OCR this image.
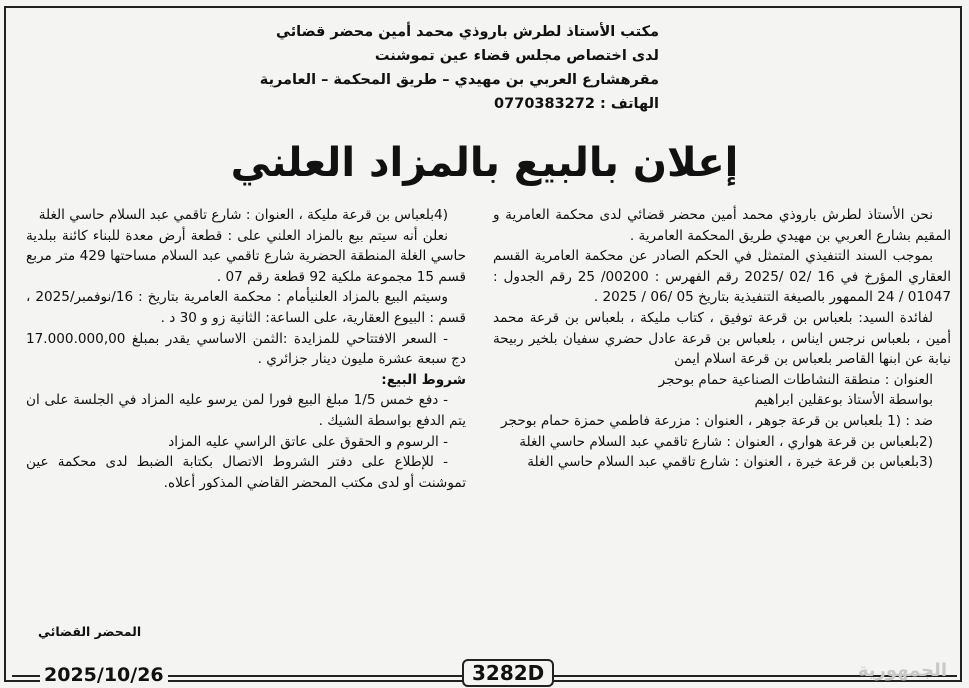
مكتب الأستاذ لطرش باروذي محمد أمين محضر قضائي
لدى اختصاص مجلس قضاء عين تموشنت
مقرهشارع العربي بن مهيدي – طريق المحكمة – العامرية
الهاتف : 0770383272
إعلان بالبيع بالمزاد العلني

نحن الأستاذ لطرش باروذي محمد أمين محضر قضائي لدى محكمة العامرية و المقيم بشارع العربي بن مهيدي طريق المحكمة العامرية .

بموجب السند التنفيذي المتمثل في الحكم الصادر عن محكمة العامرية القسم العقاري المؤرخ في 16 /02 /2025 رقم الفهرس : 00200/ 25 رقم الجدول : 01047 / 24 الممهور بالصيغة التنفيذية بتاريخ 05 /06 / 2025 .

لفائدة السيد: بلعباس بن قرعة توفيق ، كتاب مليكة ، بلعباس بن قرعة محمد أمين ، بلعباس نرجس ايناس ، بلعباس بن قرعة عادل حضري سفيان بلخير ربيحة نيابة عن ابنها القاصر بلعباس بن قرعة اسلام ايمن

العنوان : منطقة النشاطات الصناعية حمام بوحجر

بواسطة الأستاذ بوعقلين ابراهيم

ضد : (1 بلعباس بن قرعة جوهر ، العنوان : مزرعة فاطمي حمزة حمام بوحجر

(2بلعباس بن قرعة هواري ، العنوان : شارع تاقمي عبد السلام حاسي الغلة

(3بلعباس بن قرعة خيرة ، العنوان : شارع تاقمي عبد السلام حاسي الغلة

(4بلعباس بن قرعة مليكة ، العنوان : شارع تاقمي عبد السلام حاسي الغلة

نعلن أنه سيتم بيع بالمزاد العلني على : قطعة أرض معدة للبناء كائنة ببلدية حاسي الغلة المنطقة الحضرية شارع تاقمي عبد السلام مساحتها 429 متر مربع قسم 15 مجموعة ملكية 92 قطعة رقم 07 .

وسيتم البيع بالمزاد العلنيأمام : محكمة العامرية بتاريخ : 16/نوفمبر/2025 ، قسم : البيوع العقارية، على الساعة: الثانية زو و 30 د .

- السعر الافتتاحي للمزايدة :الثمن الاساسي يقدر بمبلغ 17.000.000,00 دج سبعة عشرة مليون دينار جزائري .

شروط البيع:

- دفع خمس 1/5 مبلغ البيع فورا لمن يرسو عليه المزاد في الجلسة على ان يتم الدفع بواسطة الشيك .

- الرسوم و الحقوق على عاتق الراسي عليه المزاد

- للإطلاع على دفتر الشروط الاتصال بكتابة الضبط لدى محكمة عين تموشنت أو لدى مكتب المحضر القاضي المذكور أعلاه.

المحضر القضائي
2025/10/26	3282D	الجمهورية
